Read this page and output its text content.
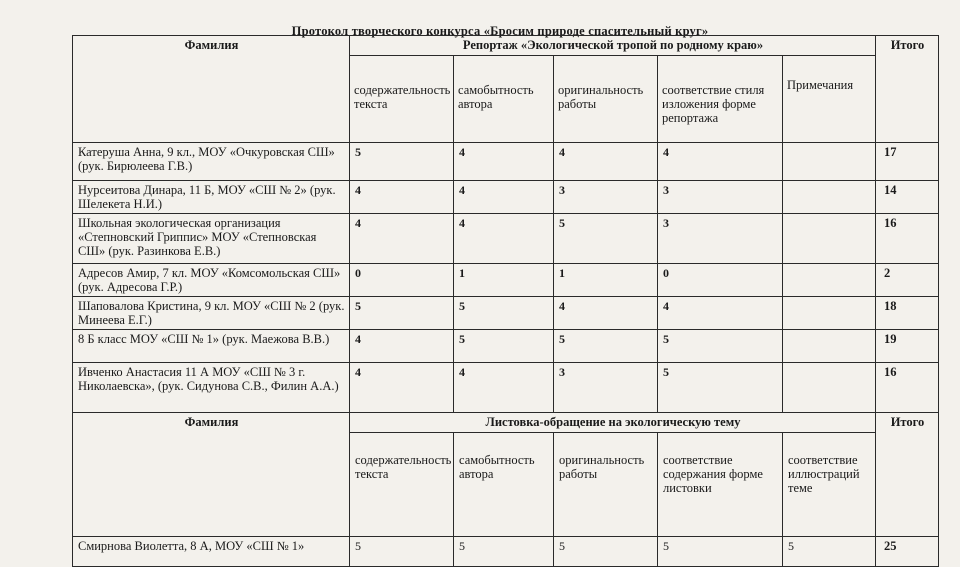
Протокол творческого конкурса «Бросим природе спасительный круг»
Фамилия	Репортаж «Экологической тропой по родному краю»					Итого
	содержательность текста	самобытность автора	оригинальность работы	соответствие стиля изложения форме репортажа	Примечания	
Катеруша Анна, 9 кл., МОУ «Очкуровская СШ» (рук. Бирюлеева Г.В.)	5	4	4	4		17
Нурсеитова Динара, 11 Б, МОУ «СШ № 2» (рук. Шелекета Н.И.)	4	4	3	3		14
Школьная экологическая организация «Степновский Гриппис» МОУ «Степновская СШ» (рук. Разинкова Е.В.)	4	4	5	3		16
Адресов Амир, 7 кл. МОУ «Комсомольская СШ» (рук. Адресова Г.Р.)	0	1	1	0		2
Шаповалова Кристина, 9 кл. МОУ «СШ № 2 (рук. Минеева Е.Г.)	5	5	4	4		18
8 Б класс МОУ «СШ № 1» (рук. Маежова В.В.)	4	5	5	5		19
Ивченко Анастасия 11 А МОУ «СШ № 3 г. Николаевска», (рук. Сидунова С.В., Филин А.А.)	4	4	3	5		16
Фамилия	Листовка-обращение на экологическую тему					Итого
	содержательность текста	самобытность автора	оригинальность работы	соответствие содержания форме листовки	соответствие иллюстраций теме	
Смирнова Виолетта, 8 А, МОУ «СШ № 1»	5	5	5	5	5	25
